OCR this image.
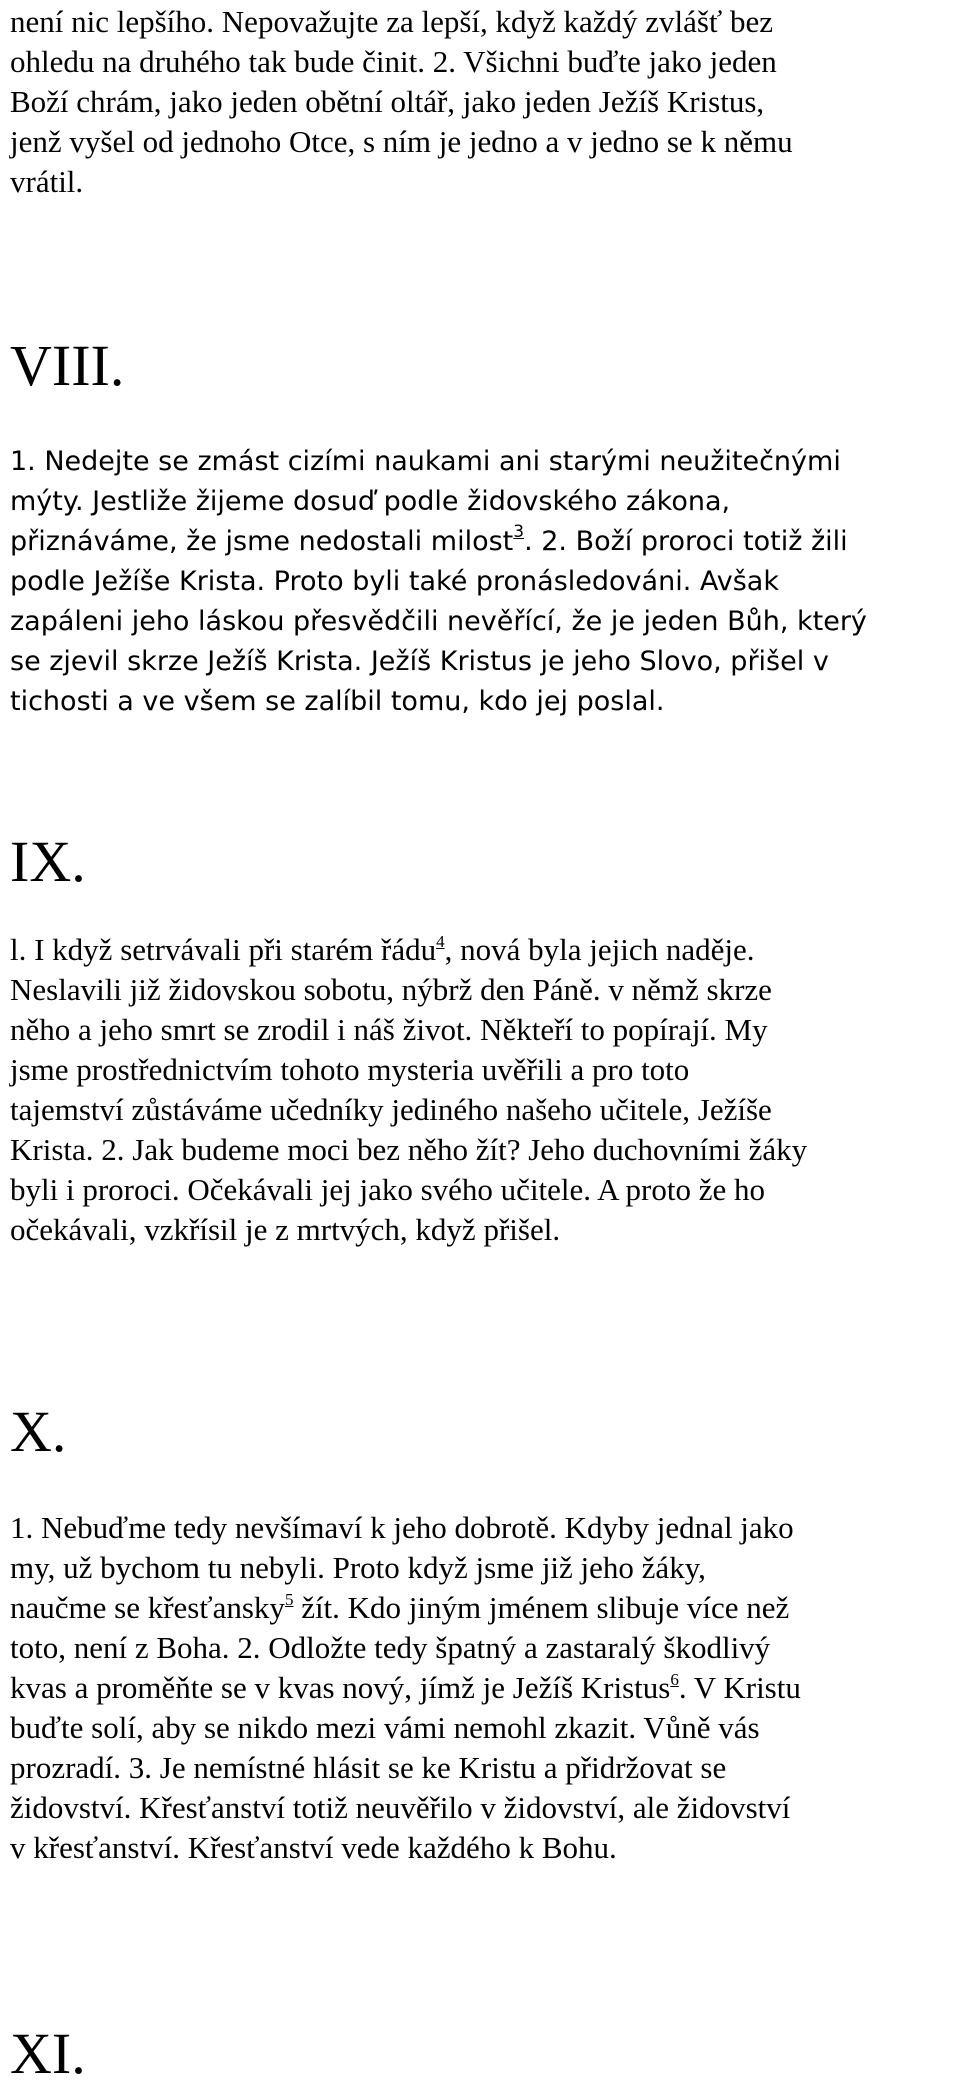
není nic lepšího. Nepovažujte za lepší, když každý zvlášť bez
ohledu na druhého tak bude činit. 2. Všichni buďte jako jeden
Boží chrám, jako jeden obětní oltář, jako jeden Ježíš Kristus,
jenž vyšel od jednoho Otce, s ním je jedno a v jedno se k němu
vrátil.
VIII.
1. Nedejte se zmást cizími naukami ani starými neužitečnými
mýty. Jestliže žijeme dosuď podle židovského zákona,
přiznáváme, že jsme nedostali milost$^3$. 2. Boží proroci totiž žili
podle Ježíše Krista. Proto byli také pronásledováni. Avšak
zapáleni jeho láskou přesvědčili nevěřící, že je jeden Bůh, který
se zjevil skrze Ježíš Krista. Ježíš Kristus je jeho Slovo, přišel v
tichosti a ve všem se zalíbil tomu, kdo jej poslal.
IX.
l. I když setrvávali při starém řádu$^4$, nová byla jejich naděje.
Neslavili již židovskou sobotu, nýbrž den Páně. v němž skrze
něho a jeho smrt se zrodil i náš život. Někteří to popírají. My
jsme prostřednictvím tohoto mysteria uvěřili a pro toto
tajemství zůstáváme učedníky jediného našeho učitele, Ježíše
Krista. 2. Jak budeme moci bez něho žít? Jeho duchovními žáky
byli i proroci. Očekávali jej jako svého učitele. A proto že ho
očekávali, vzkřísil je z mrtvých, když přišel.
X.
1. Nebuďme tedy nevšímaví k jeho dobrotě. Kdyby jednal jako
my, už bychom tu nebyli. Proto když jsme již jeho žáky,
naučme se křesťansky$^5$ žít. Kdo jiným jménem slibuje více než
toto, není z Boha. 2. Odložte tedy špatný a zastaralý škodlivý
kvas a proměňte se v kvas nový, jímž je Ježíš Kristus$^6$. V Kristu
buďte solí, aby se nikdo mezi vámi nemohl zkazit. Vůně vás
prozradí. 3. Je nemístné hlásit se ke Kristu a přidržovat se
židovství. Křesťanství totiž neuvěřilo v židovství, ale židovství
v křesťanství. Křesťanství vede každého k Bohu.
XI.
